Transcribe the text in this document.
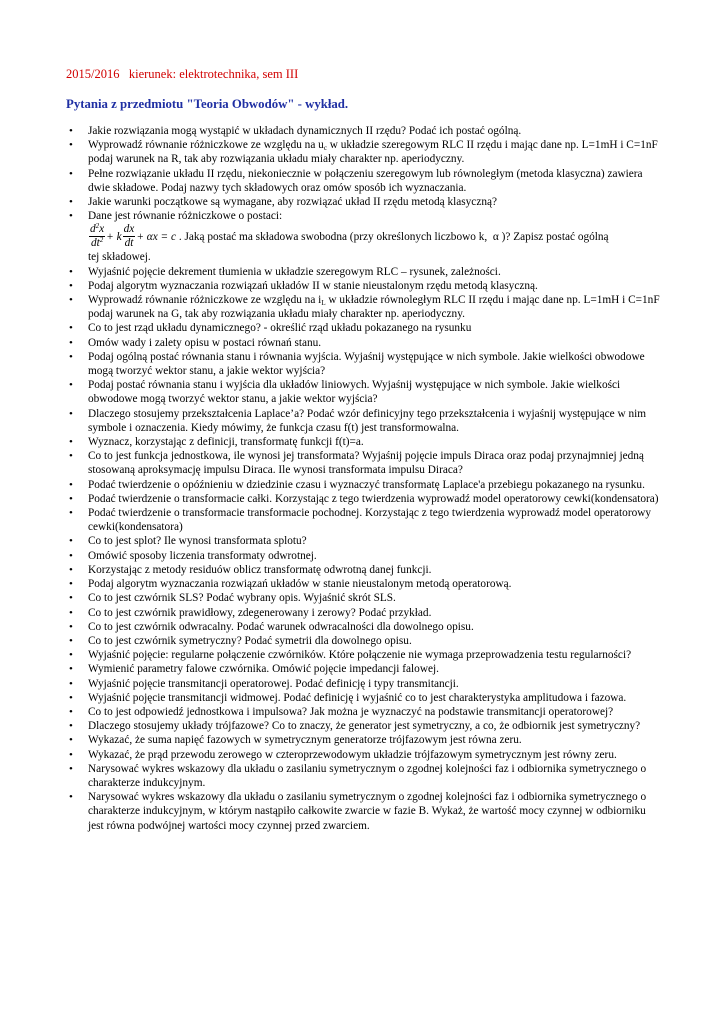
2015/2016 kierunek: elektrotechnika, sem III
Pytania z przedmiotu "Teoria Obwodów" - wykład.
• Jakie rozwiązania mogą wystąpić w układach dynamicznych II rzędu? Podać ich postać ogólną.
• Wyprowadź równanie różniczkowe ze względu na $u_c$ w układzie szeregowym RLC II rzędu i mając dane np. L=1mH i C=1nF podaj warunek na R, tak aby rozwiązania układu miały charakter np. aperiodyczny.
• Pełne rozwiązanie układu II rzędu, niekoniecznie w połączeniu szeregowym lub równoległym (metoda klasyczna) zawiera dwie składowe. Podaj nazwy tych składowych oraz omów sposób ich wyznaczania.
• Jakie warunki początkowe są wymagane, aby rozwiązać układ II rzędu metodą klasyczną?
• Dane jest równanie różniczkowe o postaci:
$\frac{d^2x}{dt^2} + k \frac{dx}{dt} + \alpha x = c$ . Jaką postać ma składowa swobodna (przy określonych liczbowo k,  α )? Zapisz postać ogólną
tej składowej.
• Wyjaśnić pojęcie dekrement tłumienia w układzie szeregowym RLC – rysunek, zależności.
• Podaj algorytm wyznaczania rozwiązań układów II w stanie nieustalonym rzędu metodą klasyczną.
• Wyprowadź równanie różniczkowe ze względu na $i_L$ w układzie równoległym RLC II rzędu i mając dane np. L=1mH i C=1nF podaj warunek na G, tak aby rozwiązania układu miały charakter np. aperiodyczny.
• Co to jest rząd układu dynamicznego? - określić rząd układu pokazanego na rysunku
• Omów wady i zalety opisu w postaci równań stanu.
• Podaj ogólną postać równania stanu i równania wyjścia. Wyjaśnij występujące w nich symbole. Jakie wielkości obwodowe mogą tworzyć wektor stanu, a jakie wektor wyjścia?
• Podaj postać równania stanu i wyjścia dla układów liniowych. Wyjaśnij występujące w nich symbole. Jakie wielkości obwodowe mogą tworzyć wektor stanu, a jakie wektor wyjścia?
• Dlaczego stosujemy przekształcenia Laplace’a? Podać wzór definicyjny tego przekształcenia i wyjaśnij występujące w nim symbole i oznaczenia. Kiedy mówimy, że funkcja czasu f(t) jest transformowalna.
• Wyznacz, korzystając z definicji, transformatę funkcji f(t)=a.
• Co to jest funkcja jednostkowa, ile wynosi jej transformata? Wyjaśnij pojęcie impuls Diraca oraz podaj przynajmniej jedną stosowaną aproksymację impulsu Diraca. Ile wynosi transformata impulsu Diraca?
• Podać twierdzenie o opóźnieniu w dziedzinie czasu i wyznaczyć transformatę Laplace'a przebiegu pokazanego na rysunku.
• Podać twierdzenie o transformacie całki. Korzystając z tego twierdzenia wyprowadź model operatorowy cewki(kondensatora)
• Podać twierdzenie o transformacie transformacie pochodnej. Korzystając z tego twierdzenia wyprowadź model operatorowy cewki(kondensatora)
• Co to jest splot? Ile wynosi transformata splotu?
• Omówić sposoby liczenia transformaty odwrotnej.
• Korzystając z metody residuów oblicz transformatę odwrotną danej funkcji.
• Podaj algorytm wyznaczania rozwiązań układów w stanie nieustalonym metodą operatorową.
• Co to jest czwórnik SLS? Podać wybrany opis. Wyjaśnić skrót SLS.
• Co to jest czwórnik prawidłowy, zdegenerowany i zerowy? Podać przykład.
• Co to jest czwórnik odwracalny. Podać warunek odwracalności dla dowolnego opisu.
• Co to jest czwórnik symetryczny? Podać symetrii dla dowolnego opisu.
• Wyjaśnić pojęcie: regularne połączenie czwórników. Które połączenie nie wymaga przeprowadzenia testu regularności?
• Wymienić parametry falowe czwórnika. Omówić pojęcie impedancji falowej.
• Wyjaśnić pojęcie transmitancji operatorowej. Podać definicję i typy transmitancji.
• Wyjaśnić pojęcie transmitancji widmowej. Podać definicję i wyjaśnić co to jest charakterystyka amplitudowa i fazowa.
• Co to jest odpowiedź jednostkowa i impulsowa? Jak można je wyznaczyć na podstawie transmitancji operatorowej?
• Dlaczego stosujemy układy trójfazowe? Co to znaczy, że generator jest symetryczny, a co, że odbiornik jest symetryczny?
• Wykazać, że suma napięć fazowych w symetrycznym generatorze trójfazowym jest równa zeru.
• Wykazać, że prąd przewodu zerowego w czteroprzewodowym układzie trójfazowym symetrycznym jest równy zeru.
• Narysować wykres wskazowy dla układu o zasilaniu symetrycznym o zgodnej kolejności faz i odbiornika symetrycznego o charakterze indukcyjnym.
• Narysować wykres wskazowy dla układu o zasilaniu symetrycznym o zgodnej kolejności faz i odbiornika symetrycznego o charakterze indukcyjnym, w którym nastąpiło całkowite zwarcie w fazie B. Wykaż, że wartość mocy czynnej w odbiorniku jest równa podwójnej wartości mocy czynnej przed zwarciem.
